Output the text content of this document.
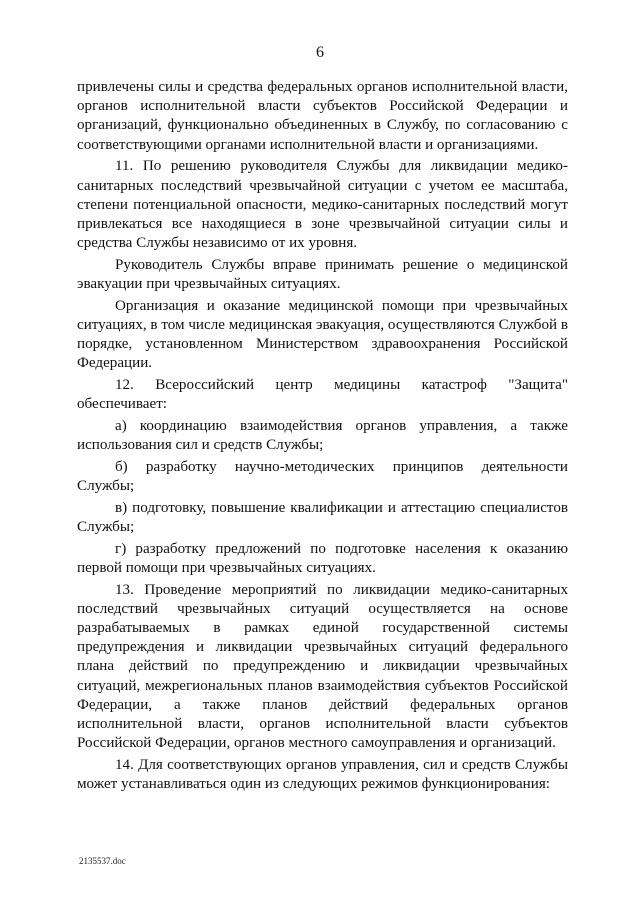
6

привлечены силы и средства федеральных органов исполнительной власти, органов исполнительной власти субъектов Российской Федерации и организаций, функционально объединенных в Службу, по согласованию с соответствующими органами исполнительной власти и организациями.

11. По решению руководителя Службы для ликвидации медико-санитарных последствий чрезвычайной ситуации с учетом ее масштаба, степени потенциальной опасности, медико-санитарных последствий могут привлекаться все находящиеся в зоне чрезвычайной ситуации силы и средства Службы независимо от их уровня.

Руководитель Службы вправе принимать решение о медицинской эвакуации при чрезвычайных ситуациях.

Организация и оказание медицинской помощи при чрезвычайных ситуациях, в том числе медицинская эвакуация, осуществляются Службой в порядке, установленном Министерством здравоохранения Российской Федерации.

12. Всероссийский центр медицины катастроф "Защита" обеспечивает:

а) координацию взаимодействия органов управления, а также использования сил и средств Службы;

б) разработку научно-методических принципов деятельности Службы;

в) подготовку, повышение квалификации и аттестацию специалистов Службы;

г) разработку предложений по подготовке населения к оказанию первой помощи при чрезвычайных ситуациях.

13. Проведение мероприятий по ликвидации медико-санитарных последствий чрезвычайных ситуаций осуществляется на основе разрабатываемых в рамках единой государственной системы предупреждения и ликвидации чрезвычайных ситуаций федерального плана действий по предупреждению и ликвидации чрезвычайных ситуаций, межрегиональных планов взаимодействия субъектов Российской Федерации, а также планов действий федеральных органов исполнительной власти, органов исполнительной власти субъектов Российской Федерации, органов местного самоуправления и организаций.

14. Для соответствующих органов управления, сил и средств Службы может устанавливаться один из следующих режимов функционирования:

2135537.doc
